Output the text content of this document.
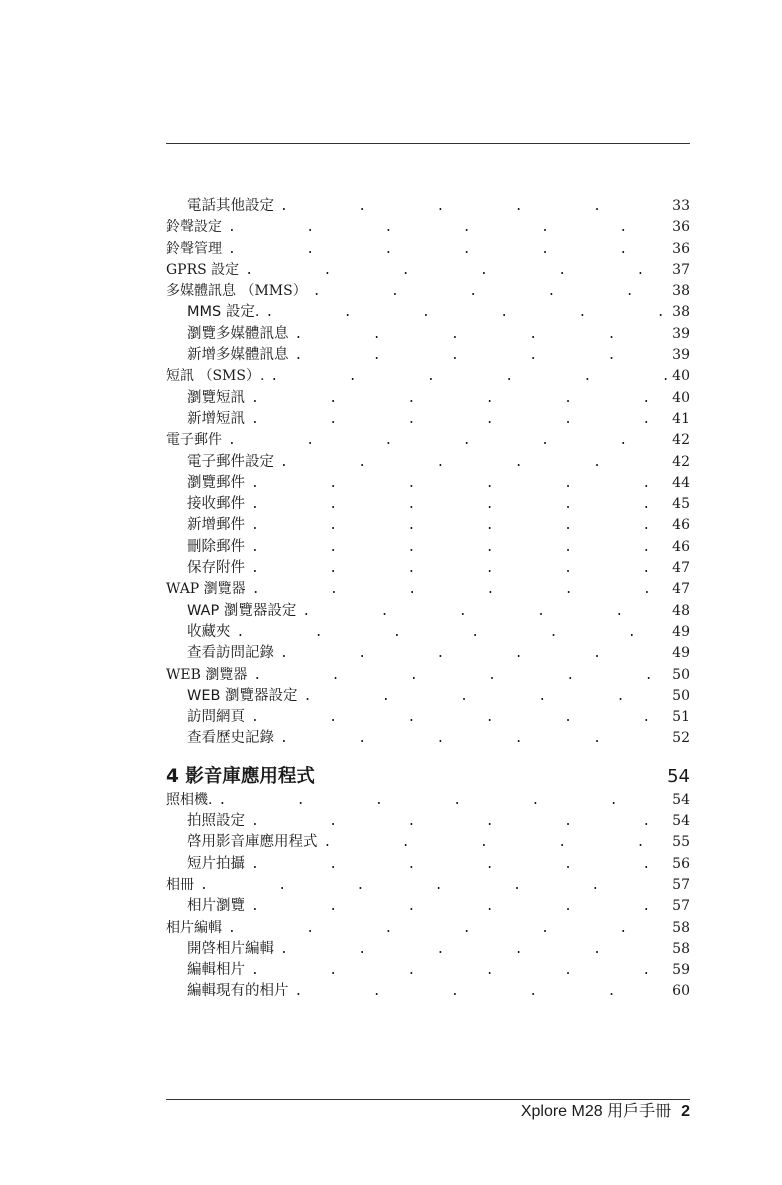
電話其他設定 .	33
鈴聲設定 .	36
鈴聲管理 .	36
GPRS 設定 .	37
多媒體訊息 （MMS） .	38
MMS 設定. .	38
瀏覽多媒體訊息 .	39
新增多媒體訊息 .	39
短訊 （SMS）. .	40
瀏覽短訊 .	40
新增短訊 .	41
電子郵件 .	42
電子郵件設定 .	42
瀏覽郵件 .	44
接收郵件 .	45
新增郵件 .	46
刪除郵件 .	46
保存附件 .	47
WAP 瀏覽器 .	47
WAP 瀏覽器設定 .	48
收藏夾 .	49
查看訪問記錄 .	49
WEB 瀏覽器 .	50
WEB 瀏覽器設定 .	50
訪問網頁 .	51
查看歷史記錄 .	52
4 影音庫應用程式	54
照相機. .	54
拍照設定 .	54
啓用影音庫應用程式 .	55
短片拍攝 .	56
相冊 .	57
相片瀏覽 .	57
相片編輯 .	58
開啓相片編輯 .	58
編輯相片 .	59
編輯現有的相片 .	60
Xplore M28 用戶手冊 2
